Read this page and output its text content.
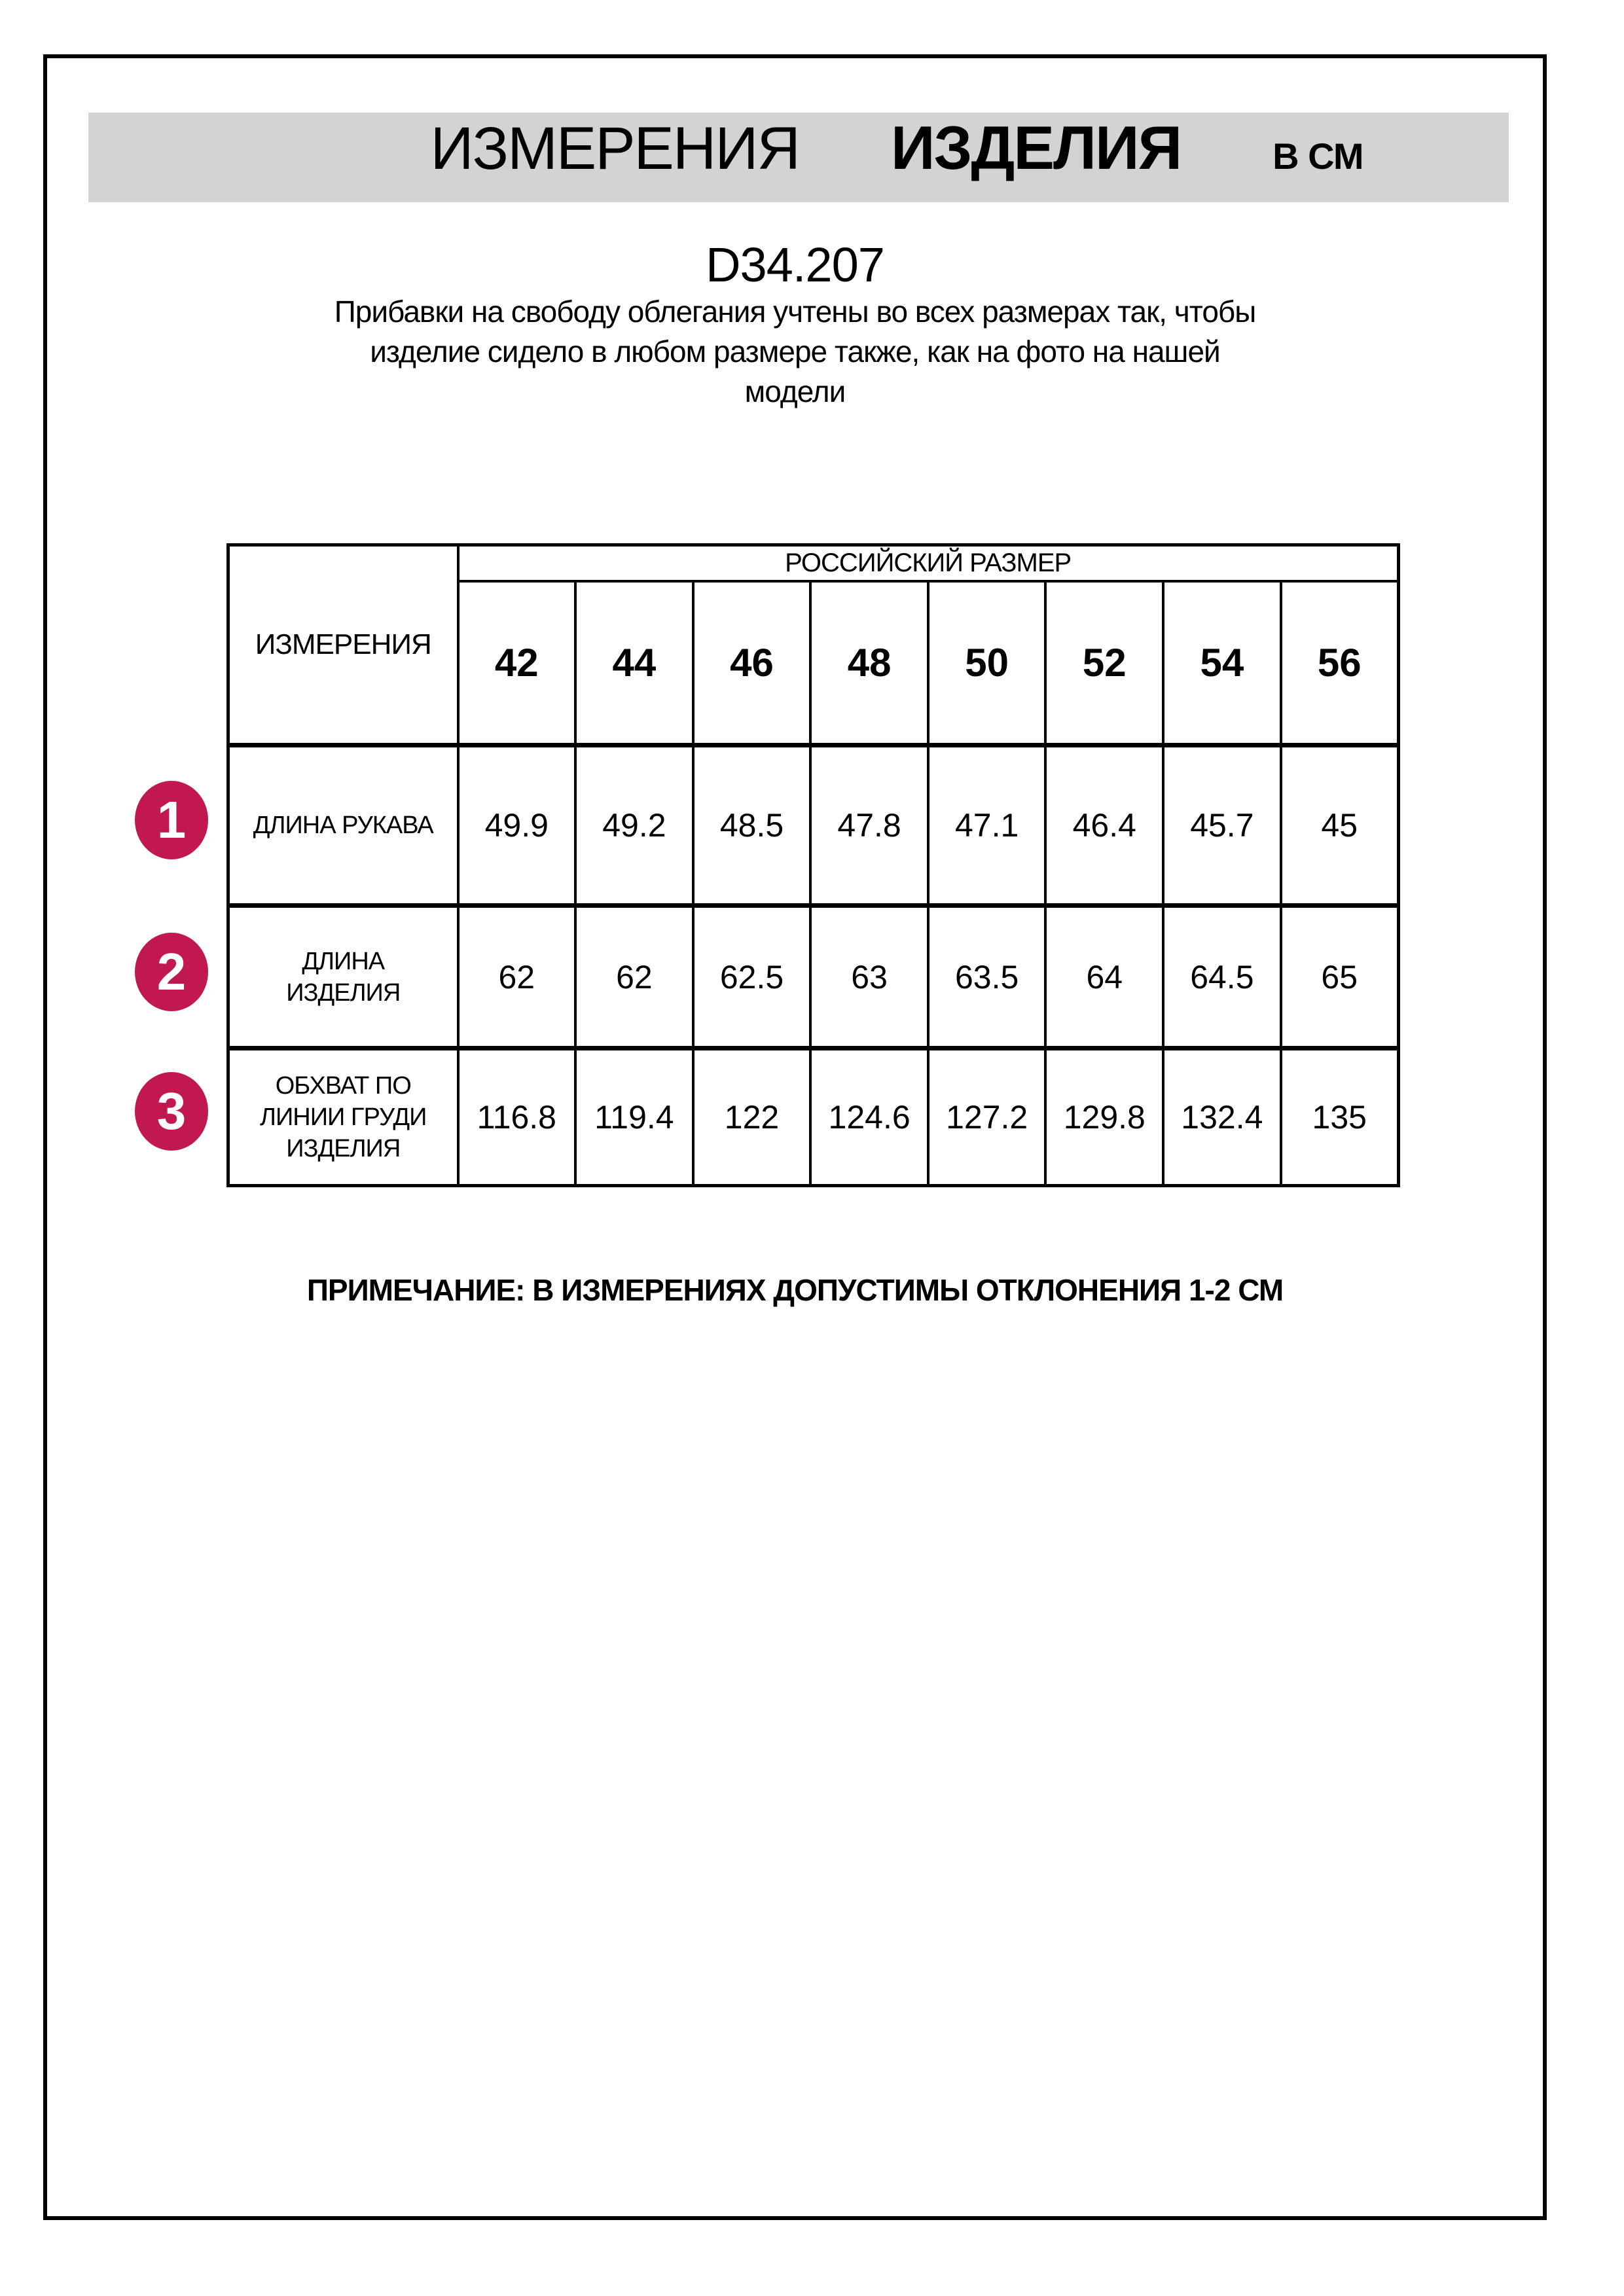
ИЗМЕРЕНИЯ ИЗДЕЛИЯ	В СМ
D34.207
Прибавки на свободу облегания учтены во всех размерах так, чтобы
изделие сидело в любом размере также, как на фото на нашей
модели
ИЗМЕРЕНИЯ	РОССИЙСКИЙ РАЗМЕР							
	42	44	46	48	50	52	54	56

ДЛИНА РУКАВА	49.9	49.2	48.5	47.8	47.1	46.4	45.7	45

ДЛИНА
ИЗДЕЛИЯ	62	62	62.5	63	63.5	64	64.5	65

ОБХВАТ ПО
ЛИНИИ ГРУДИ
ИЗДЕЛИЯ	116.8	119.4	122	124.6	127.2	129.8	132.4	135
ПРИМЕЧАНИЕ: В ИЗМЕРЕНИЯХ ДОПУСТИМЫ ОТКЛОНЕНИЯ 1-2 СМ
1
2
3
